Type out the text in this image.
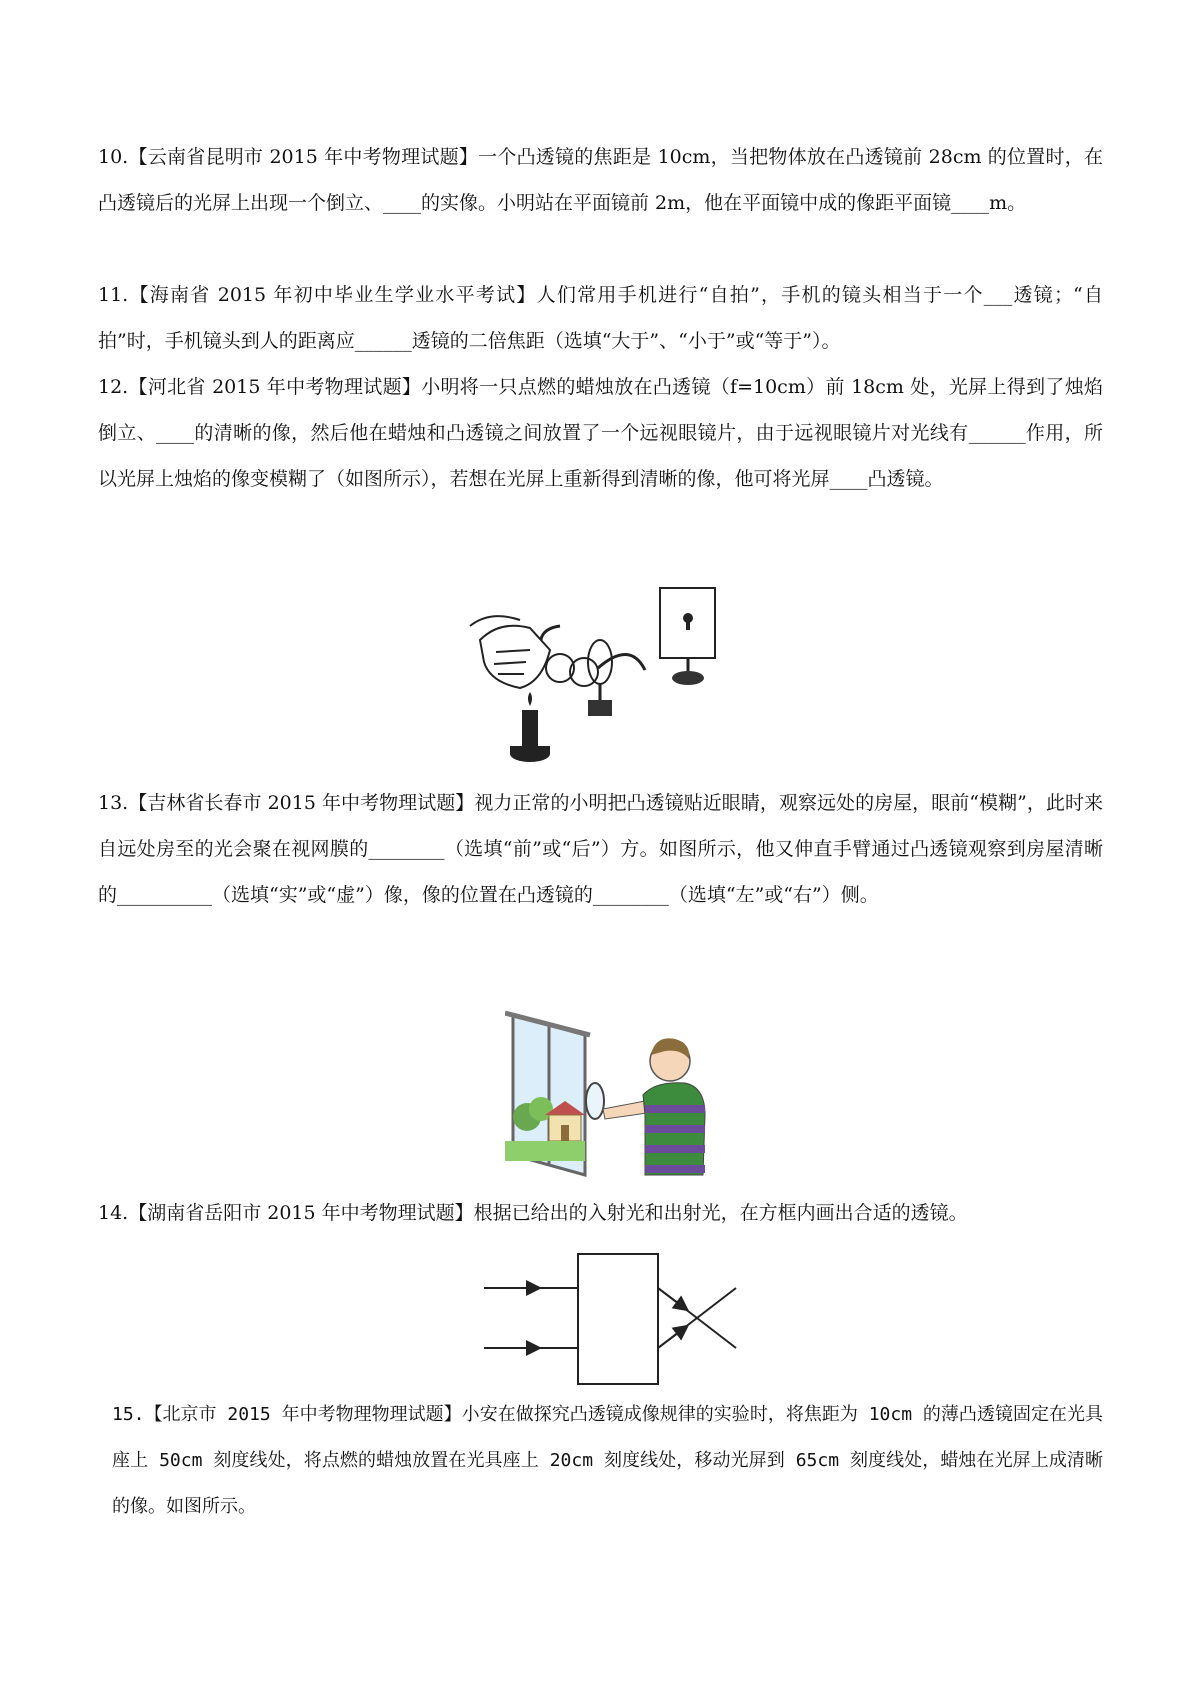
10.【云南省昆明市 2015 年中考物理试题】一个凸透镜的焦距是 10cm，当把物体放在凸透镜前 28cm 的位置时，在凸透镜后的光屏上出现一个倒立、____的实像。小明站在平面镜前 2m，他在平面镜中成的像距平面镜____m。

11.【海南省 2015 年初中毕业生学业水平考试】人们常用手机进行“自拍”，手机的镜头相当于一个___透镜；“自拍”时，手机镜头到人的距离应______透镜的二倍焦距（选填“大于”、“小于”或“等于”）。

12.【河北省 2015 年中考物理试题】小明将一只点燃的蜡烛放在凸透镜（f=10cm）前 18cm 处，光屏上得到了烛焰倒立、____的清晰的像，然后他在蜡烛和凸透镜之间放置了一个远视眼镜片，由于远视眼镜片对光线有______作用，所以光屏上烛焰的像变模糊了（如图所示），若想在光屏上重新得到清晰的像，他可将光屏____凸透镜。

13.【吉林省长春市 2015 年中考物理试题】视力正常的小明把凸透镜贴近眼睛，观察远处的房屋，眼前“模糊”，此时来自远处房至的光会聚在视网膜的________（选填“前”或“后”）方。如图所示，他又伸直手臂通过凸透镜观察到房屋清晰的__________（选填“实”或“虚”）像，像的位置在凸透镜的________（选填“左”或“右”）侧。

14.【湖南省岳阳市 2015 年中考物理试题】根据已给出的入射光和出射光，在方框内画出合适的透镜。

15.【北京市 2015 年中考物理物理试题】小安在做探究凸透镜成像规律的实验时，将焦距为 10cm 的薄凸透镜固定在光具座上 50cm 刻度线处，将点燃的蜡烛放置在光具座上 20cm 刻度线处，移动光屏到 65cm 刻度线处，蜡烛在光屏上成清晰的像。如图所示。
